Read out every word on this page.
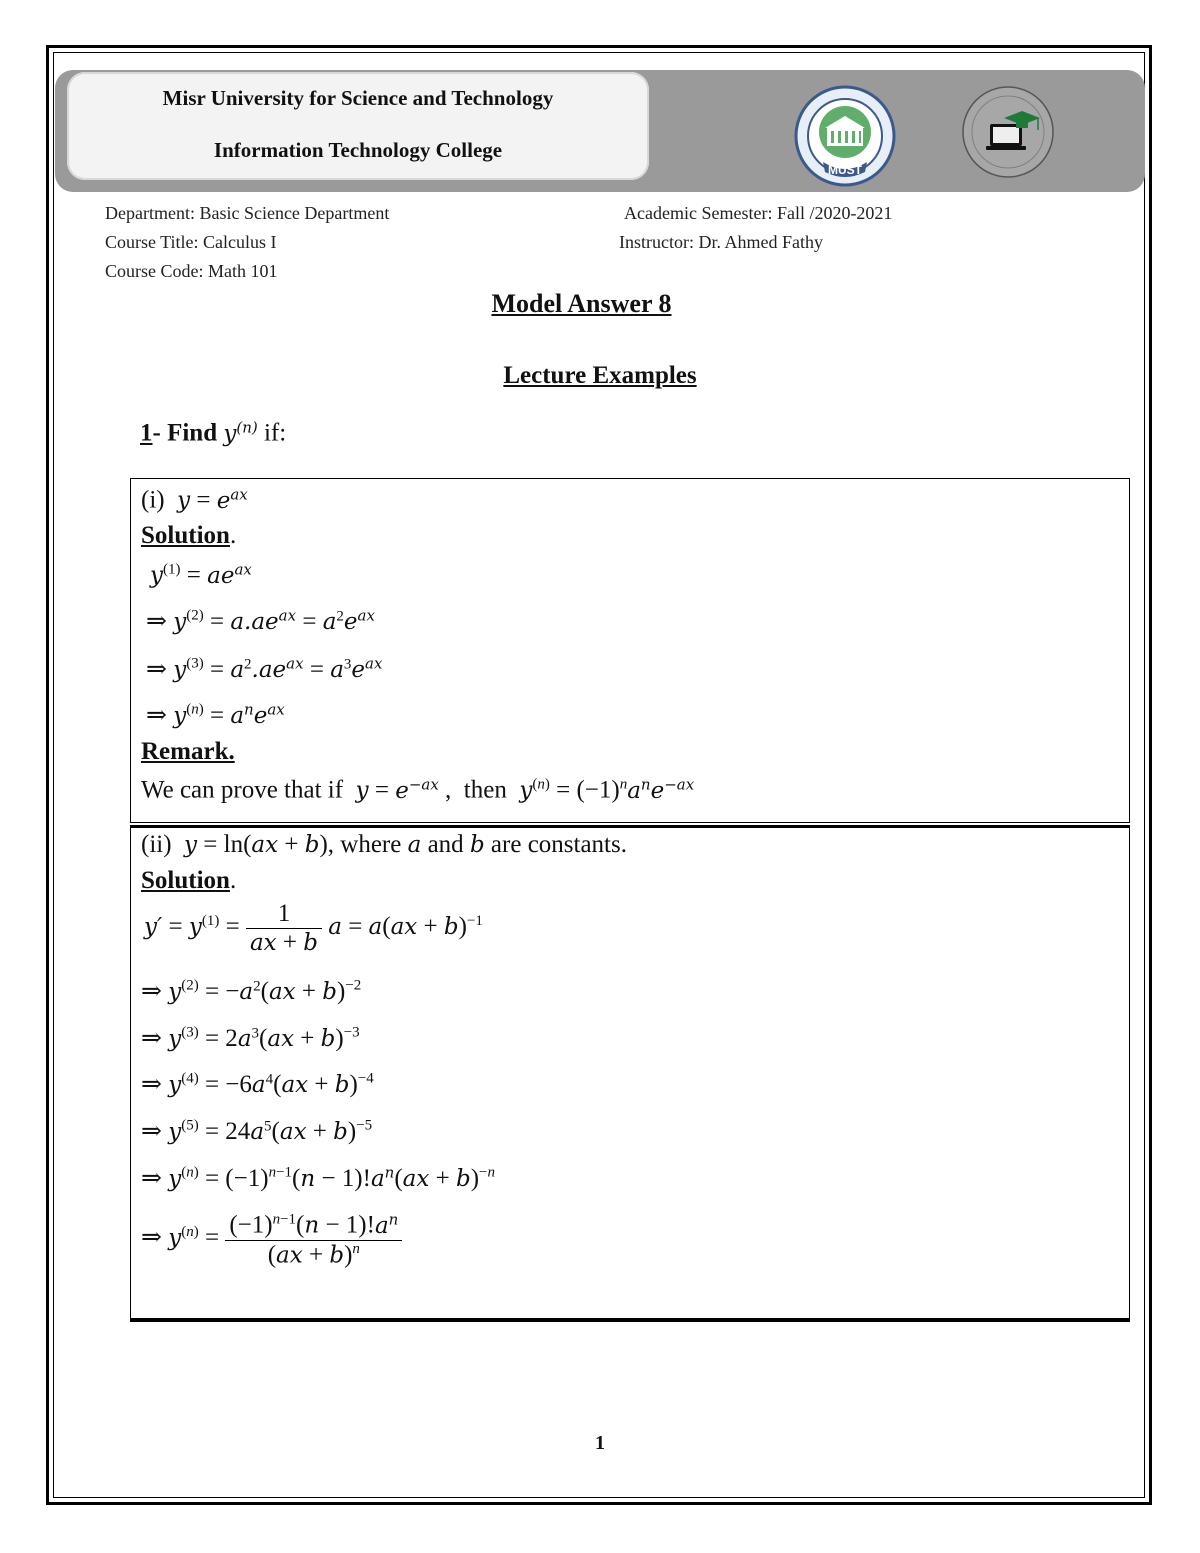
Misr University for Science and Technology
Information Technology College
MUST
Department: Basic Science Department	Academic Semester: Fall /2020-2021
Course Title: Calculus I	Instructor: Dr. Ahmed Fathy
Course Code: Math 101
Model Answer 8
Lecture Examples
1- Find $y^{(n)}$ if:
(i) $y = e^{ax}$
Solution.
$y^{(1)} = ae^{ax}$
⇒ $y^{(2)} = a.ae^{ax} = a^2e^{ax}$
⇒ $y^{(3)} = a^2.ae^{ax} = a^3e^{ax}$
⇒ $y^{(n)} = a^ne^{ax}$
Remark.
We can prove that if $y = e^{-ax}$ ,  then $y^{(n)} = (-1)^na^ne^{-ax}$
(ii) y = ln(ax + b), where a and b are constants.
Solution.
$y' = y^{(1)} = \frac{1}{ax + b}$ a = a(ax + b)$^{-1}$
⇒ $y^{(2)} = -a^2(ax + b)^{-2}$
⇒ $y^{(3)} = 2a^3(ax + b)^{-3}$
⇒ $y^{(4)} = -6a^4(ax + b)^{-4}$
⇒ $y^{(5)} = 24a^5(ax + b)^{-5}$
⇒ $y^{(n)} = (-1)^{n-1}(n - 1)!a^n(ax + b)^{-n}$
⇒ $y^{(n)} = \frac{(-1)^{n-1}(n - 1)!a^n}{(ax + b)^n}$
1
